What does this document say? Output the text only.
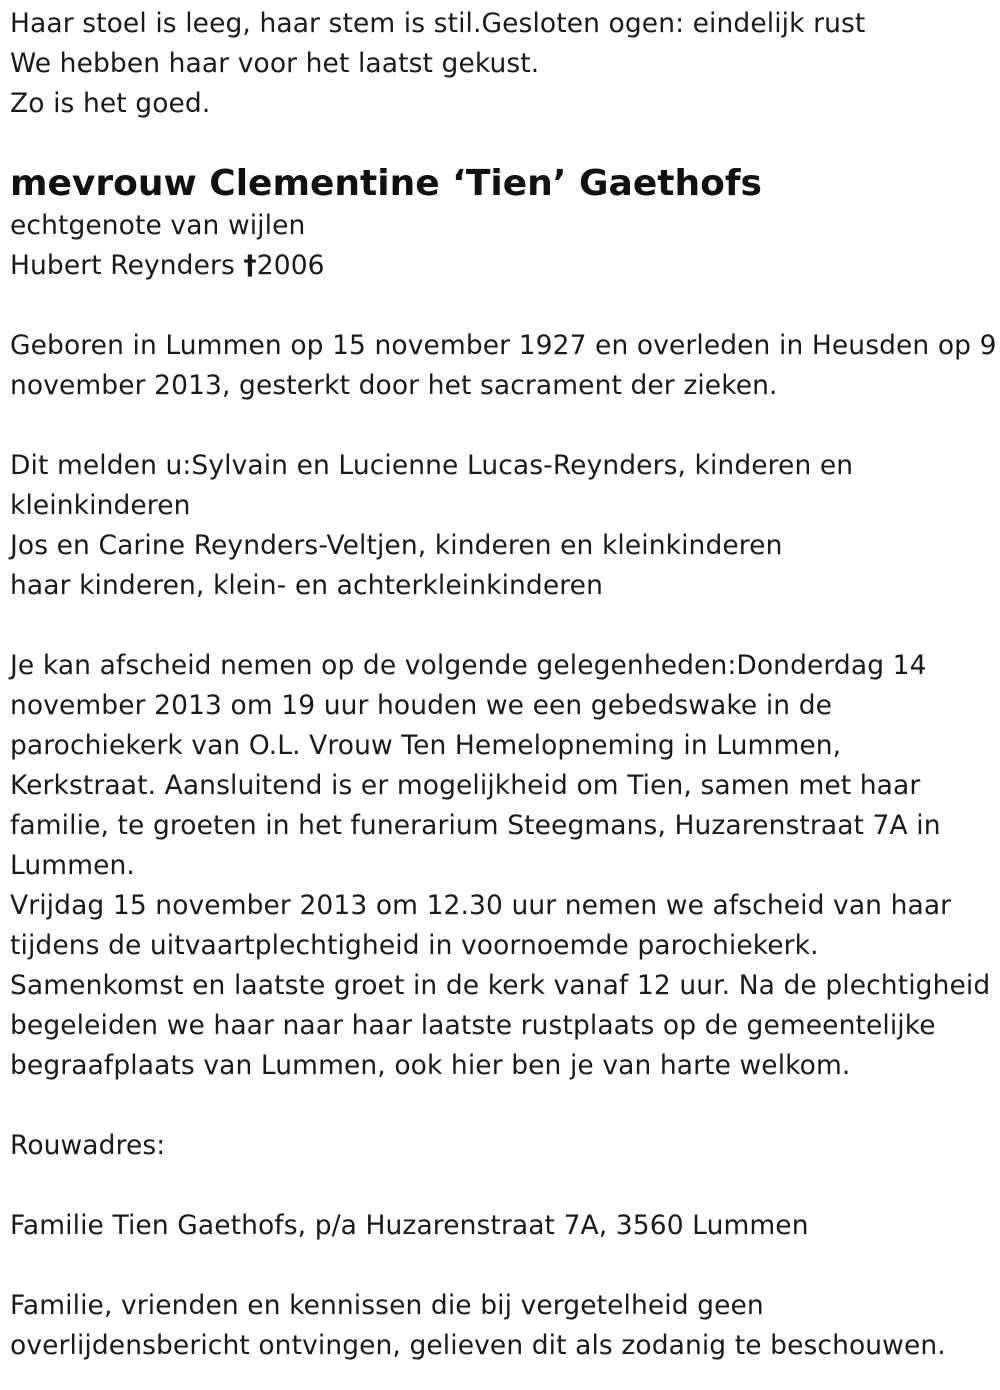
Haar stoel is leeg, haar stem is stil.Gesloten ogen: eindelijk rust
We hebben haar voor het laatst gekust.
Zo is het goed.
mevrouw Clementine ‘Tien’ Gaethofs
echtgenote van wijlen
Hubert Reynders †2006
Geboren in Lummen op 15 november 1927 en overleden in Heusden op 9
november 2013, gesterkt door het sacrament der zieken.
Dit melden u:Sylvain en Lucienne Lucas-Reynders, kinderen en
kleinkinderen
Jos en Carine Reynders-Veltjen, kinderen en kleinkinderen
haar kinderen, klein- en achterkleinkinderen
Je kan afscheid nemen op de volgende gelegenheden:Donderdag 14
november 2013 om 19 uur houden we een gebedswake in de
parochiekerk van O.L. Vrouw Ten Hemelopneming in Lummen,
Kerkstraat. Aansluitend is er mogelijkheid om Tien, samen met haar
familie, te groeten in het funerarium Steegmans, Huzarenstraat 7A in
Lummen.
Vrijdag 15 november 2013 om 12.30 uur nemen we afscheid van haar
tijdens de uitvaartplechtigheid in voornoemde parochiekerk.
Samenkomst en laatste groet in de kerk vanaf 12 uur. Na de plechtigheid
begeleiden we haar naar haar laatste rustplaats op de gemeentelijke
begraafplaats van Lummen, ook hier ben je van harte welkom.
Rouwadres:
Familie Tien Gaethofs, p/a Huzarenstraat 7A, 3560 Lummen
Familie, vrienden en kennissen die bij vergetelheid geen
overlijdensbericht ontvingen, gelieven dit als zodanig te beschouwen.
